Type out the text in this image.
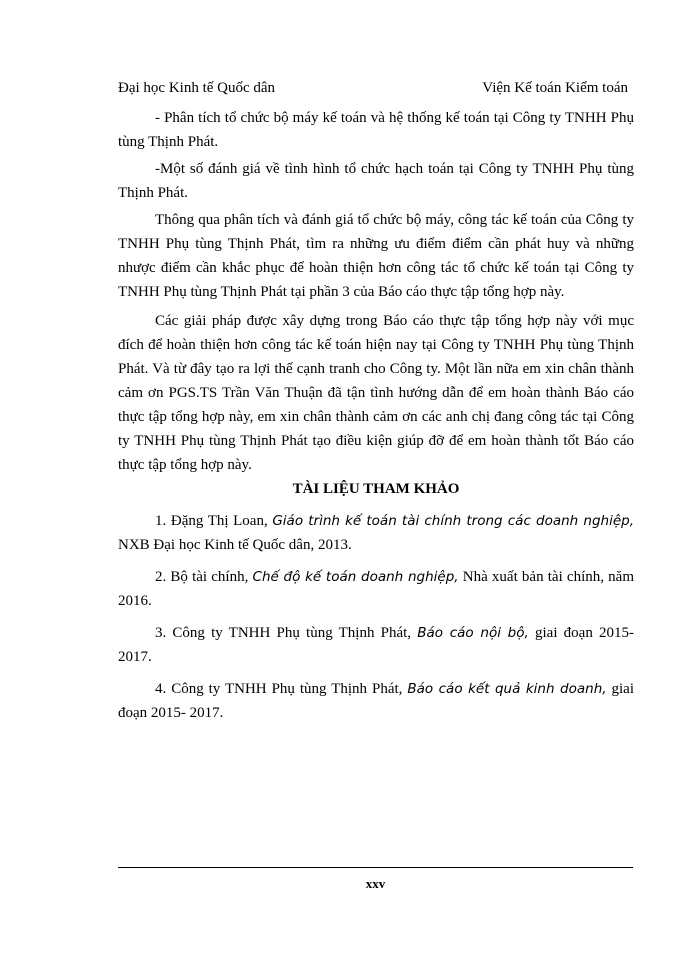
Đại học Kinh tế Quốc dân	Viện Kế toán Kiểm toán

- Phân tích tổ chức bộ máy kế toán và hệ thống kế toán tại Công ty TNHH Phụ tùng Thịnh Phát.

-Một số đánh giá về tình hình tổ chức hạch toán tại Công ty TNHH Phụ tùng Thịnh Phát.

Thông qua phân tích và đánh giá tổ chức bộ máy, công tác kế toán của Công ty TNHH Phụ tùng Thịnh Phát, tìm ra những ưu điểm điểm cần phát huy và những nhược điểm cần khắc phục để hoàn thiện hơn công tác tổ chức kế toán tại Công ty TNHH Phụ tùng Thịnh Phát tại phần 3 của Báo cáo thực tập tổng hợp này.

Các giải pháp được xây dựng trong Báo cáo thực tập tổng hợp này với mục đích để hoàn thiện hơn công tác kế toán hiện nay tại Công ty TNHH Phụ tùng Thịnh Phát. Và từ đây tạo ra lợi thế cạnh tranh cho Công ty. Một lần nữa em xin chân thành cảm ơn PGS.TS Trần Văn Thuận đã tận tình hướng dẫn để em hoàn thành Báo cáo thực tập tổng hợp này, em xin chân thành cảm ơn các anh chị đang công tác tại Công ty TNHH Phụ tùng Thịnh Phát tạo điều kiện giúp đỡ để em hoàn thành tốt Báo cáo thực tập tổng hợp này.

TÀI LIỆU THAM KHẢO

1. Đặng Thị Loan, Giáo trình kế toán tài chính trong các doanh nghiệp, NXB Đại học Kinh tế Quốc dân, 2013.

2. Bộ tài chính, Chế độ kế toán doanh nghiệp, Nhà xuất bản tài chính, năm 2016.

3. Công ty TNHH Phụ tùng Thịnh Phát, Báo cáo nội bộ, giai đoạn 2015- 2017.

4. Công ty TNHH Phụ tùng Thịnh Phát, Báo cáo kết quả kinh doanh, giai đoạn 2015- 2017.

xxv
